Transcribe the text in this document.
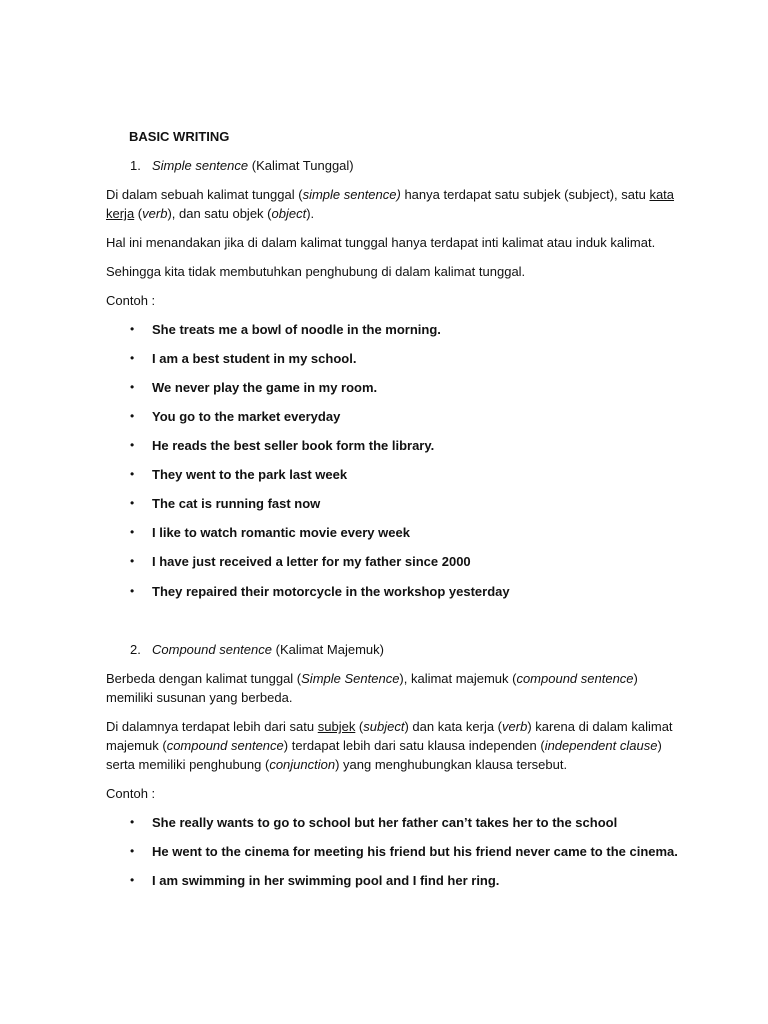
BASIC WRITING
1. Simple sentence (Kalimat Tunggal)
Di dalam sebuah kalimat tunggal (simple sentence) hanya terdapat satu subjek (subject), satu kata
kerja (verb), dan satu objek (object).
Hal ini menandakan jika di dalam kalimat tunggal hanya terdapat inti kalimat atau induk kalimat.
Sehingga kita tidak membutuhkan penghubung di dalam kalimat tunggal.
Contoh :
• She treats me a bowl of noodle in the morning.
• I am a best student in my school.
• We never play the game in my room.
• You go to the market everyday
• He reads the best seller book form the library.
• They went to the park last week
• The cat is running fast now
• I like to watch romantic movie every week
• I have just received a letter for my father since 2000
• They repaired their motorcycle in the workshop yesterday
2. Compound sentence (Kalimat Majemuk)
Berbeda dengan kalimat tunggal (Simple Sentence), kalimat majemuk (compound sentence)
memiliki susunan yang berbeda.
Di dalamnya terdapat lebih dari satu subjek (subject) dan kata kerja (verb) karena di dalam kalimat
majemuk (compound sentence) terdapat lebih dari satu klausa independen (independent clause)
serta memiliki penghubung (conjunction) yang menghubungkan klausa tersebut.
Contoh :
• She really wants to go to school but her father can’t takes her to the school
• He went to the cinema for meeting his friend but his friend never came to the cinema.
• I am swimming in her swimming pool and I find her ring.
